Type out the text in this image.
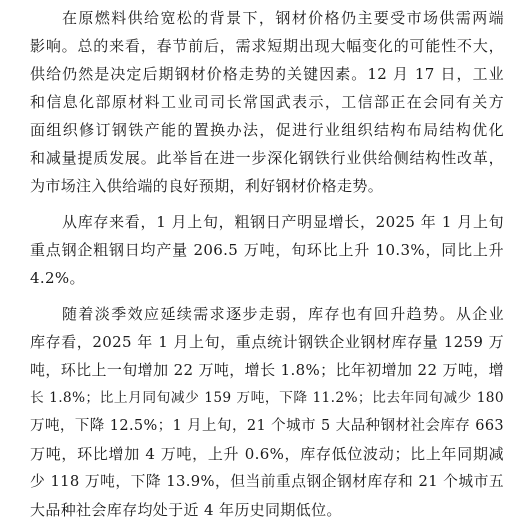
在原燃料供给宽松的背景下，钢材价格仍主要受市场供需两端
影响。总的来看，春节前后，需求短期出现大幅变化的可能性不大，
供给仍然是决定后期钢材价格走势的关键因素。12 月 17 日，工业
和信息化部原材料工业司司长常国武表示，工信部正在会同有关方
面组织修订钢铁产能的置换办法，促进行业组织结构布局结构优化
和减量提质发展。此举旨在进一步深化钢铁行业供给侧结构性改革，
为市场注入供给端的良好预期，利好钢材价格走势。
从库存来看，1 月上旬，粗钢日产明显增长，2025 年 1 月上旬
重点钢企粗钢日均产量 206.5 万吨，旬环比上升 10.3%，同比上升
4.2%。
随着淡季效应延续需求逐步走弱，库存也有回升趋势。从企业
库存看，2025 年 1 月上旬，重点统计钢铁企业钢材库存量 1259 万
吨，环比上一旬增加 22 万吨，增长 1.8%；比年初增加 22 万吨，增
长 1.8%；比上月同旬减少 159 万吨，下降 11.2%；比去年同旬减少 180
万吨，下降 12.5%；1 月上旬，21 个城市 5 大品种钢材社会库存 663
万吨，环比增加 4 万吨，上升 0.6%，库存低位波动；比上年同期减
少 118 万吨，下降 13.9%，但当前重点钢企钢材库存和 21 个城市五
大品种社会库存均处于近 4 年历史同期低位。
